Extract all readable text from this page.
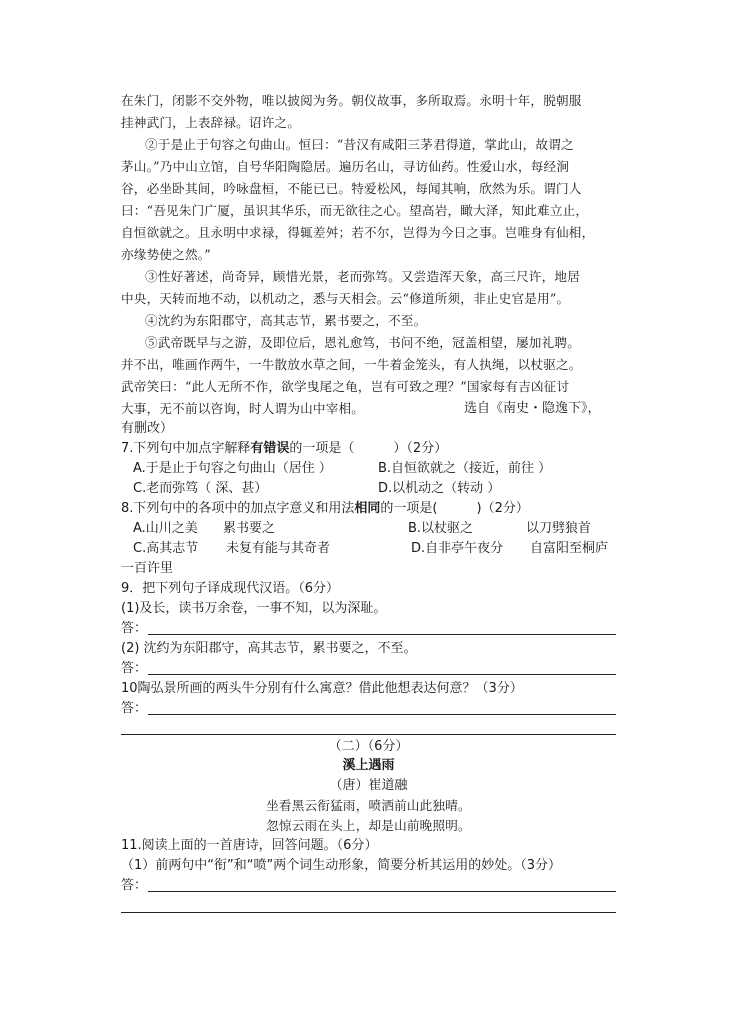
在朱门，闭影不交外物，唯以披阅为务。朝仪故事，多所取焉。永明十年，脱朝服
挂神武门，上表辞禄。诏许之。
②于是止于句容之句曲山。恒曰：“昔汉有咸阳三茅君得道，掌此山，故谓之
茅山。”乃中山立馆，自号华阳陶隐居。遍历名山，寻访仙药。性爱山水，每经涧
谷，必坐卧其间，吟咏盘桓，不能已已。特爱松风，每闻其响，欣然为乐。谓门人
曰：“吾见朱门广厦，虽识其华乐，而无欲往之心。望高岩，瞰大泽，知此难立止，
自恒欲就之。且永明中求禄，得辄差舛；若不尔，岂得为今日之事。岂唯身有仙相，
亦缘势使之然。”
③性好著述，尚奇异，顾惜光景，老而弥笃。又尝造浑天象，高三尺许，地居
中央，天转而地不动，以机动之，悉与天相会。云“修道所须，非止史官是用”。
④沈约为东阳郡守，高其志节，累书要之，不至。
⑤武帝既早与之游，及即位后，恩礼愈笃，书问不绝，冠盖相望，屡加礼聘。
并不出，唯画作两牛，一牛散放水草之间，一牛着金笼头，有人执绳，以杖驱之。
武帝笑曰：“此人无所不作，欲学曳尾之龟，岂有可致之理？”国家每有吉凶征讨
大事，无不前以咨询，时人谓为山中宰相。	选自《南史・隐逸下》，
有删改）
7.下列句中加点字解释有错误的一项是（　　　）（2分）
A.于是止于句容之句曲山（居住 ）	B.自恒欲就之（接近，前往 ）
C.老而弥笃（ 深、甚）	D.以机动之（转动 ）
8.下列句中的各项中的加点字意义和用法相同的一项是(　　　)（2分）
A.山川之美 累书要之	B.以杖驱之	以刀劈狼首
C.高其志节 未复有能与其奇者	D.自非亭午夜分 自富阳至桐庐
一百许里
9．把下列句子译成现代汉语。（6分）
(1)及长，读书万余卷，一事不知，以为深耻。
答：
(2) 沈约为东阳郡守，高其志节，累书要之，不至。
答：
10陶弘景所画的两头牛分别有什么寓意？借此他想表达何意？（3分）
答：
（二）（6分）
溪上遇雨
（唐）崔道融
坐看黑云衔猛雨，喷洒前山此独晴。
忽惊云雨在头上，却是山前晚照明。
11.阅读上面的一首唐诗，回答问题。（6分）
（1）前两句中“衔”和“喷”两个词生动形象，简要分析其运用的妙处。（3分）
答：
